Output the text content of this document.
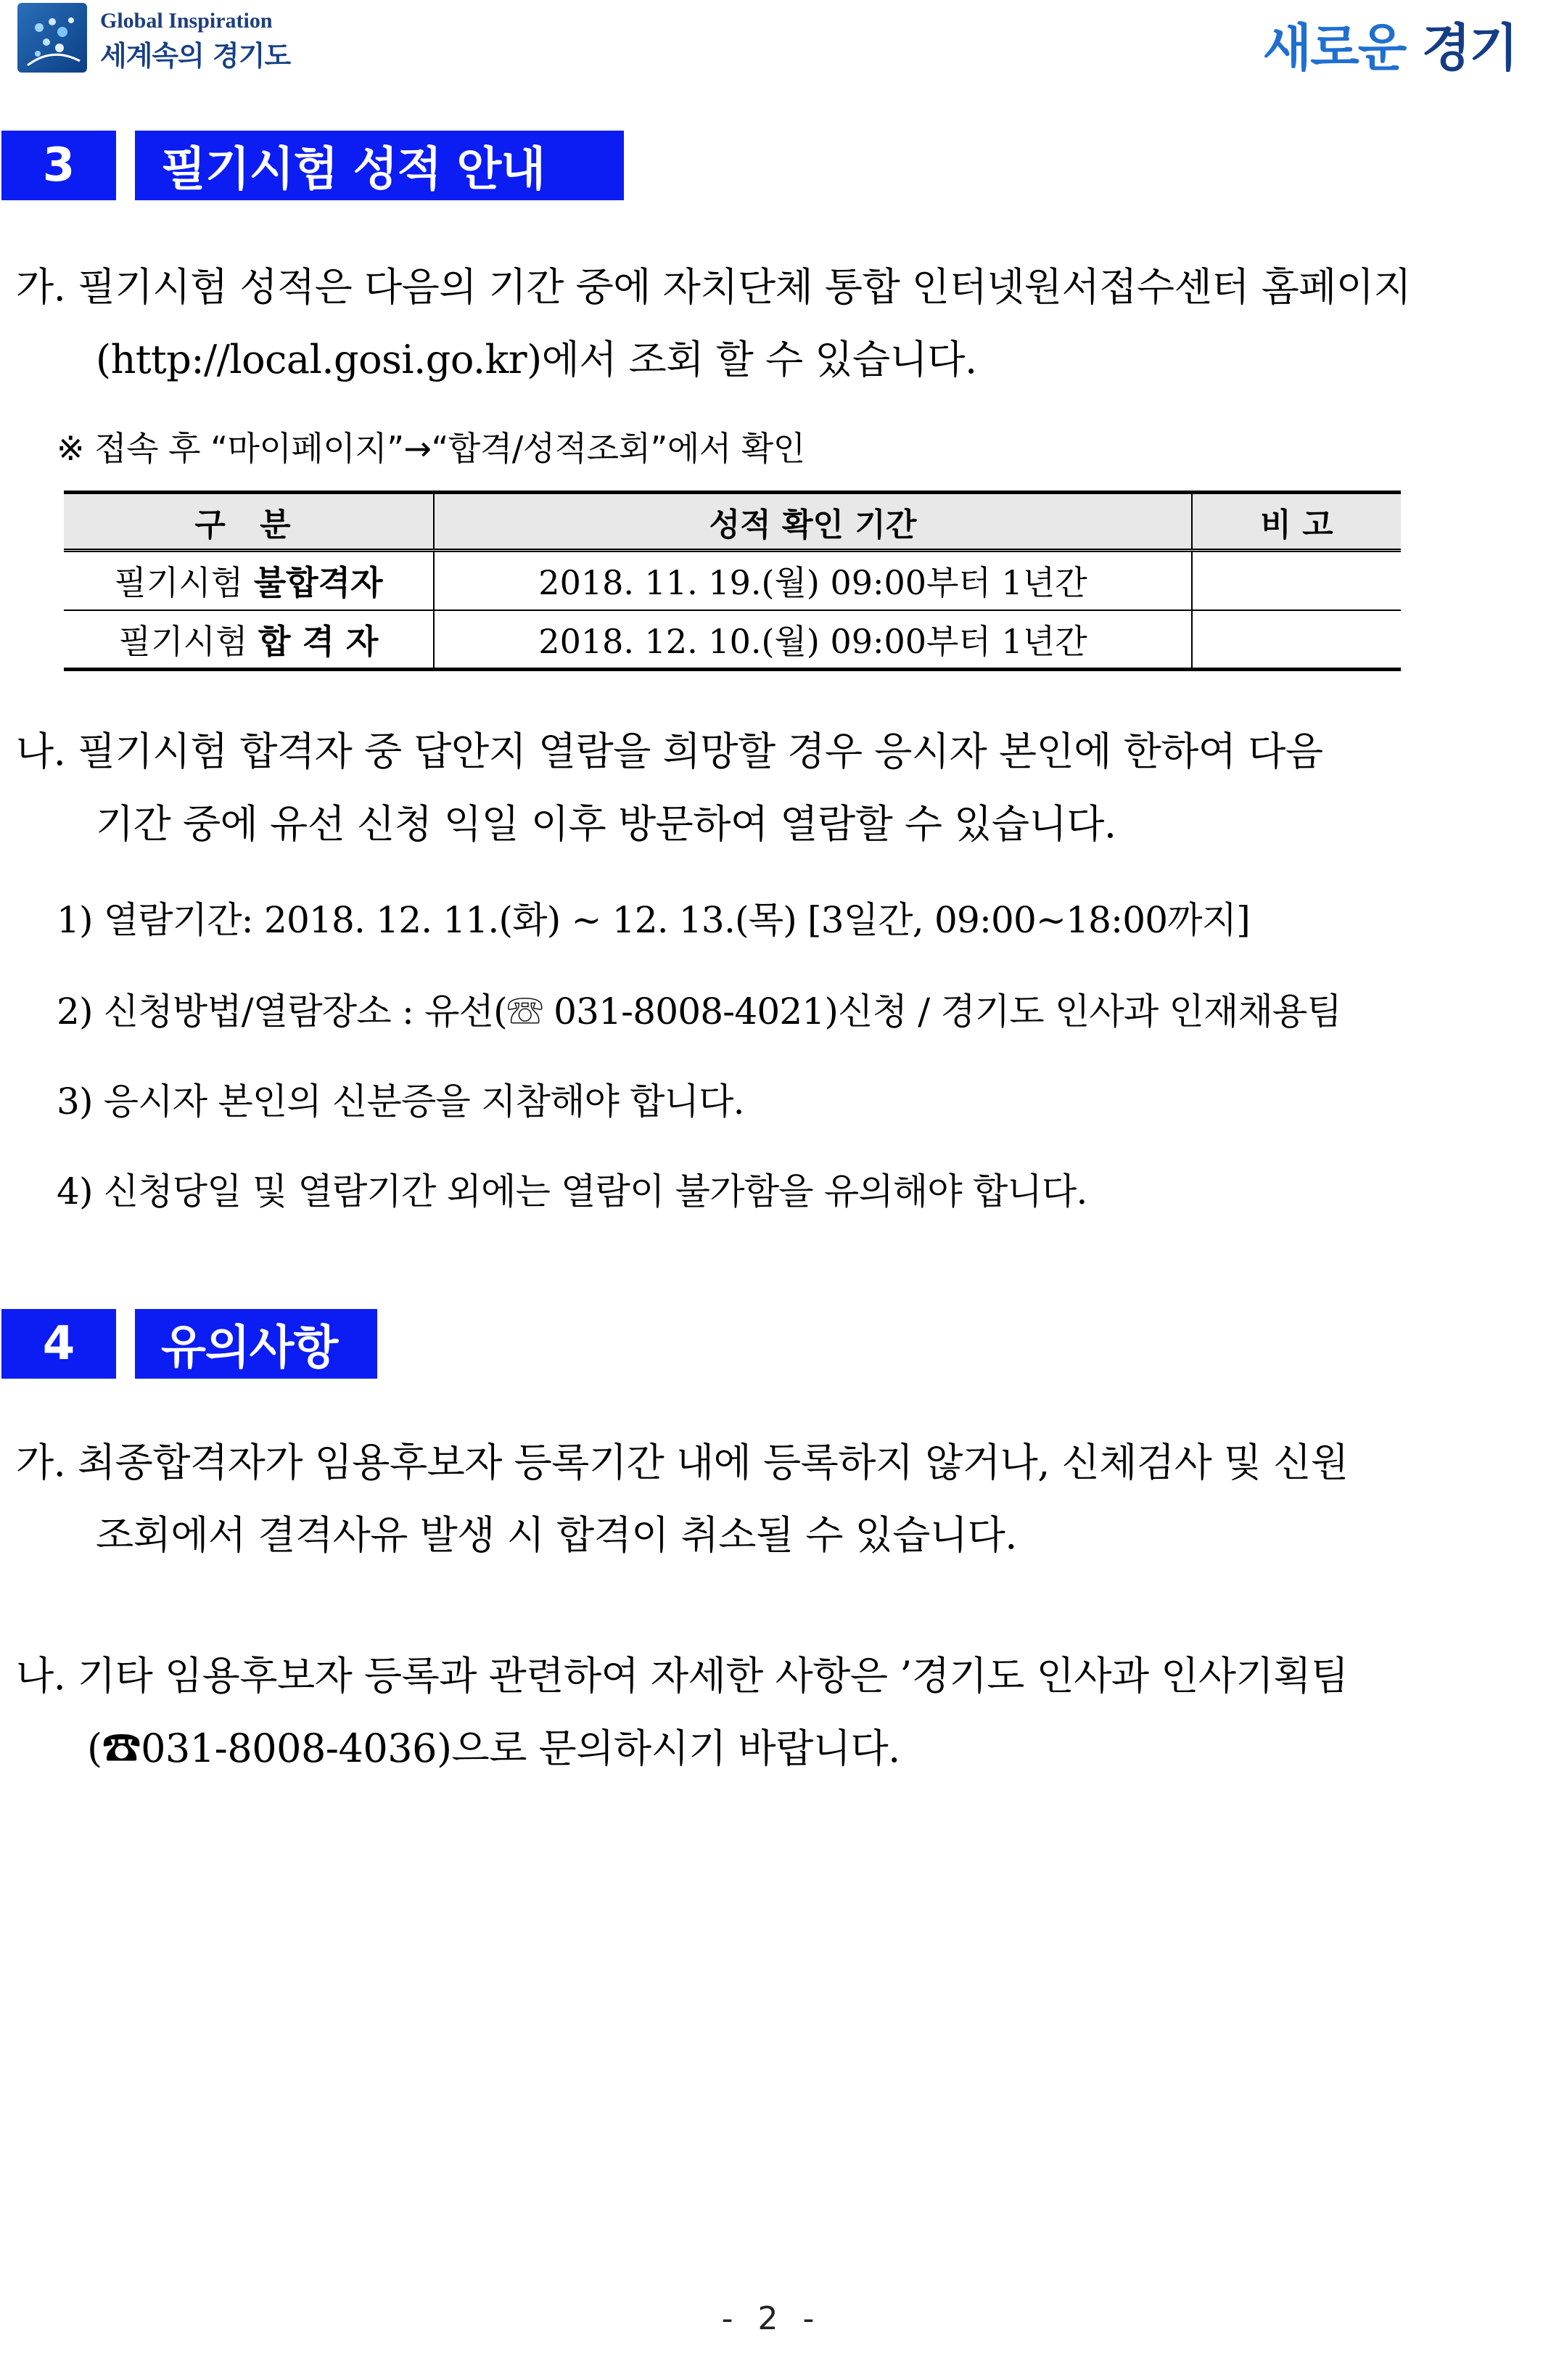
Global Inspiration
세계속의 경기도	새로운 경기
3	필기시험 성적 안내
가. 필기시험 성적은 다음의 기간 중에 자치단체 통합 인터넷원서접수센터 홈페이지
(http://local.gosi.go.kr)에서 조회 할 수 있습니다.
※ 접속 후 “마이페이지”→“합격/성적조회”에서 확인
구 분	성적 확인 기간	비 고
필기시험 불합격자	2018. 11. 19.(월) 09:00부터 1년간	
필기시험 합 격 자	2018. 12. 10.(월) 09:00부터 1년간	
나. 필기시험 합격자 중 답안지 열람을 희망할 경우 응시자 본인에 한하여 다음
기간 중에 유선 신청 익일 이후 방문하여 열람할 수 있습니다.
1) 열람기간: 2018. 12. 11.(화) ~ 12. 13.(목) [3일간, 09:00~18:00까지]
2) 신청방법/열람장소 : 유선(☏ 031-8008-4021)신청 / 경기도 인사과 인재채용팀
3) 응시자 본인의 신분증을 지참해야 합니다.
4) 신청당일 및 열람기간 외에는 열람이 불가함을 유의해야 합니다.
4	유의사항
가. 최종합격자가 임용후보자 등록기간 내에 등록하지 않거나, 신체검사 및 신원
조회에서 결격사유 발생 시 합격이 취소될 수 있습니다.
나. 기타 임용후보자 등록과 관련하여 자세한 사항은 ’경기도 인사과 인사기획팀
(☎031-8008-4036)으로 문의하시기 바랍니다.
- 2 -
